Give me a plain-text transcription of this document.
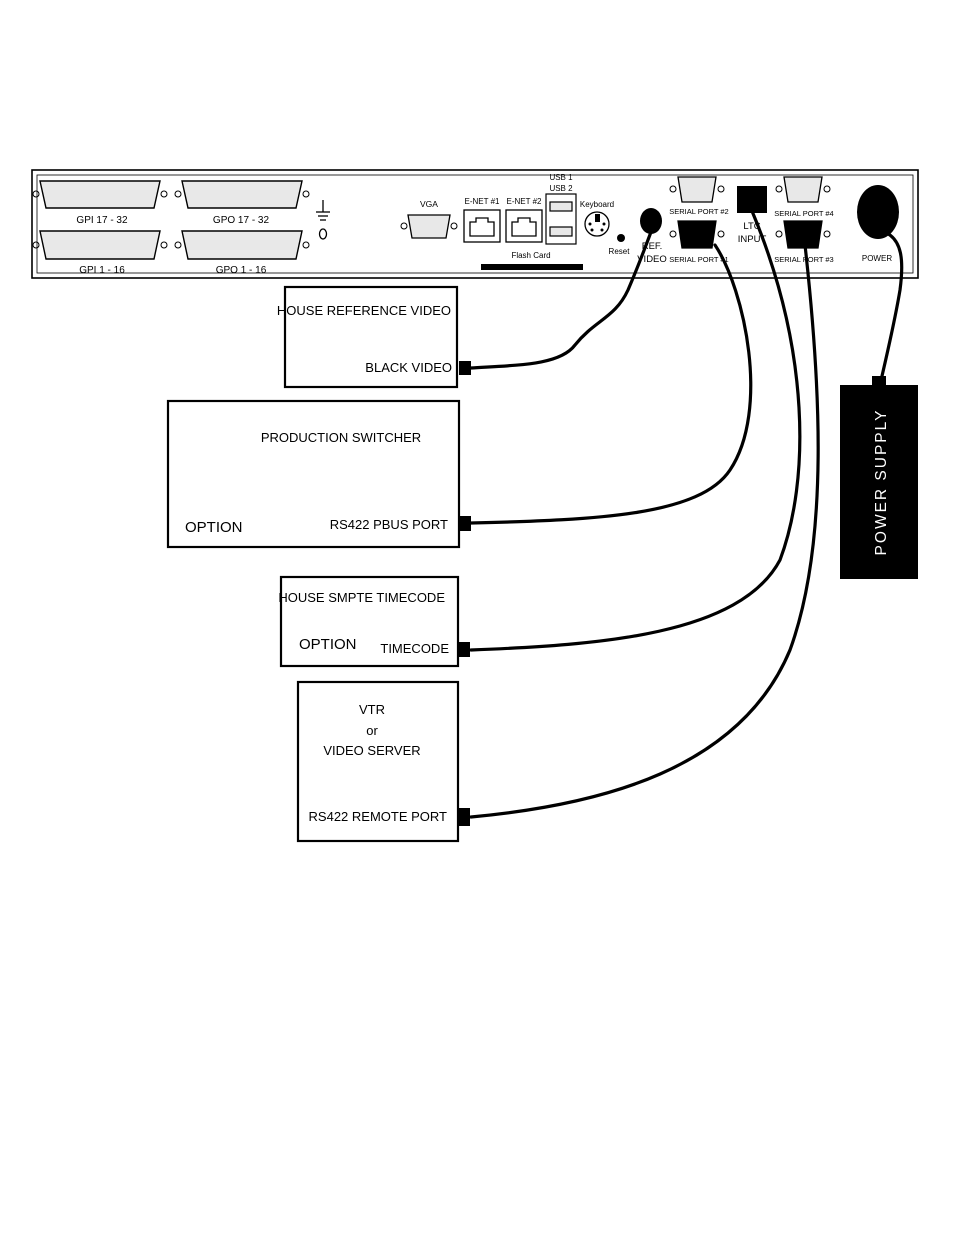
GPI 17 - 32	GPO 17 - 32
GPI 1 - 16	GPO 1 - 16
VGA	E-NET #1 E-NET #2
USB 1
USB 2
Flash Card
Keyboard
Reset REF.
VIDEO
SERIAL PORT #2
SERIAL PORT #1
LTC
INPUT
SERIAL PORT #4
SERIAL PORT #3	POWER
HOUSE REFERENCE VIDEO
BLACK VIDEO
PRODUCTION SWITCHER
OPTION	RS422 PBUS PORT
HOUSE SMPTE TIMECODE
OPTION TIMECODE
VTR
or
VIDEO SERVER
RS422 REMOTE PORT
POWER SUPPLY
